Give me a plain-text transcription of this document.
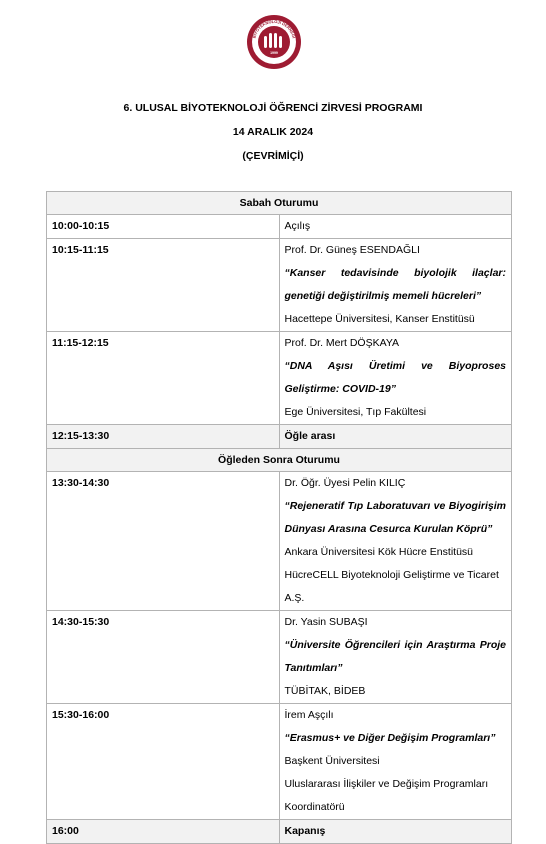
BİYOTEKNOLOJİ DERNEĞİ
1999
6. ULUSAL BİYOTEKNOLOJİ ÖĞRENCİ ZİRVESİ PROGRAMI
14 ARALIK 2024
(ÇEVRİMİÇİ)
Sabah Oturumu	
10:00-10:15	Açılış

10:15-11:15	Prof. Dr. Güneş ESENDAĞLI
“Kanser tedavisinde biyolojik ilaçlar: genetiği değiştirilmiş memeli hücreleri”
Hacettepe Üniversitesi, Kanser Enstitüsü

11:15-12:15	Prof. Dr. Mert DÖŞKAYA
“DNA Aşısı Üretimi ve Biyoproses Geliştirme: COVID-19”
Ege Üniversitesi, Tıp Fakültesi

12:15-13:30	Öğle arası

Öğleden Sonra Oturumu	
13:30-14:30	Dr. Öğr. Üyesi Pelin KILIÇ
“Rejeneratif Tıp Laboratuvarı ve Biyogirişim Dünyası Arasına Cesurca Kurulan Köprü”
Ankara Üniversitesi Kök Hücre Enstitüsü
HücreCELL Biyoteknoloji Geliştirme ve Ticaret A.Ş.

14:30-15:30	Dr. Yasin SUBAŞI
“Üniversite Öğrencileri için Araştırma Proje Tanıtımları”
TÜBİTAK, BİDEB

15:30-16:00	İrem Aşçılı
“Erasmus+ ve Diğer Değişim Programları”
Başkent Üniversitesi
Uluslararası İlişkiler ve Değişim Programları Koordinatörü

16:00	Kapanış
